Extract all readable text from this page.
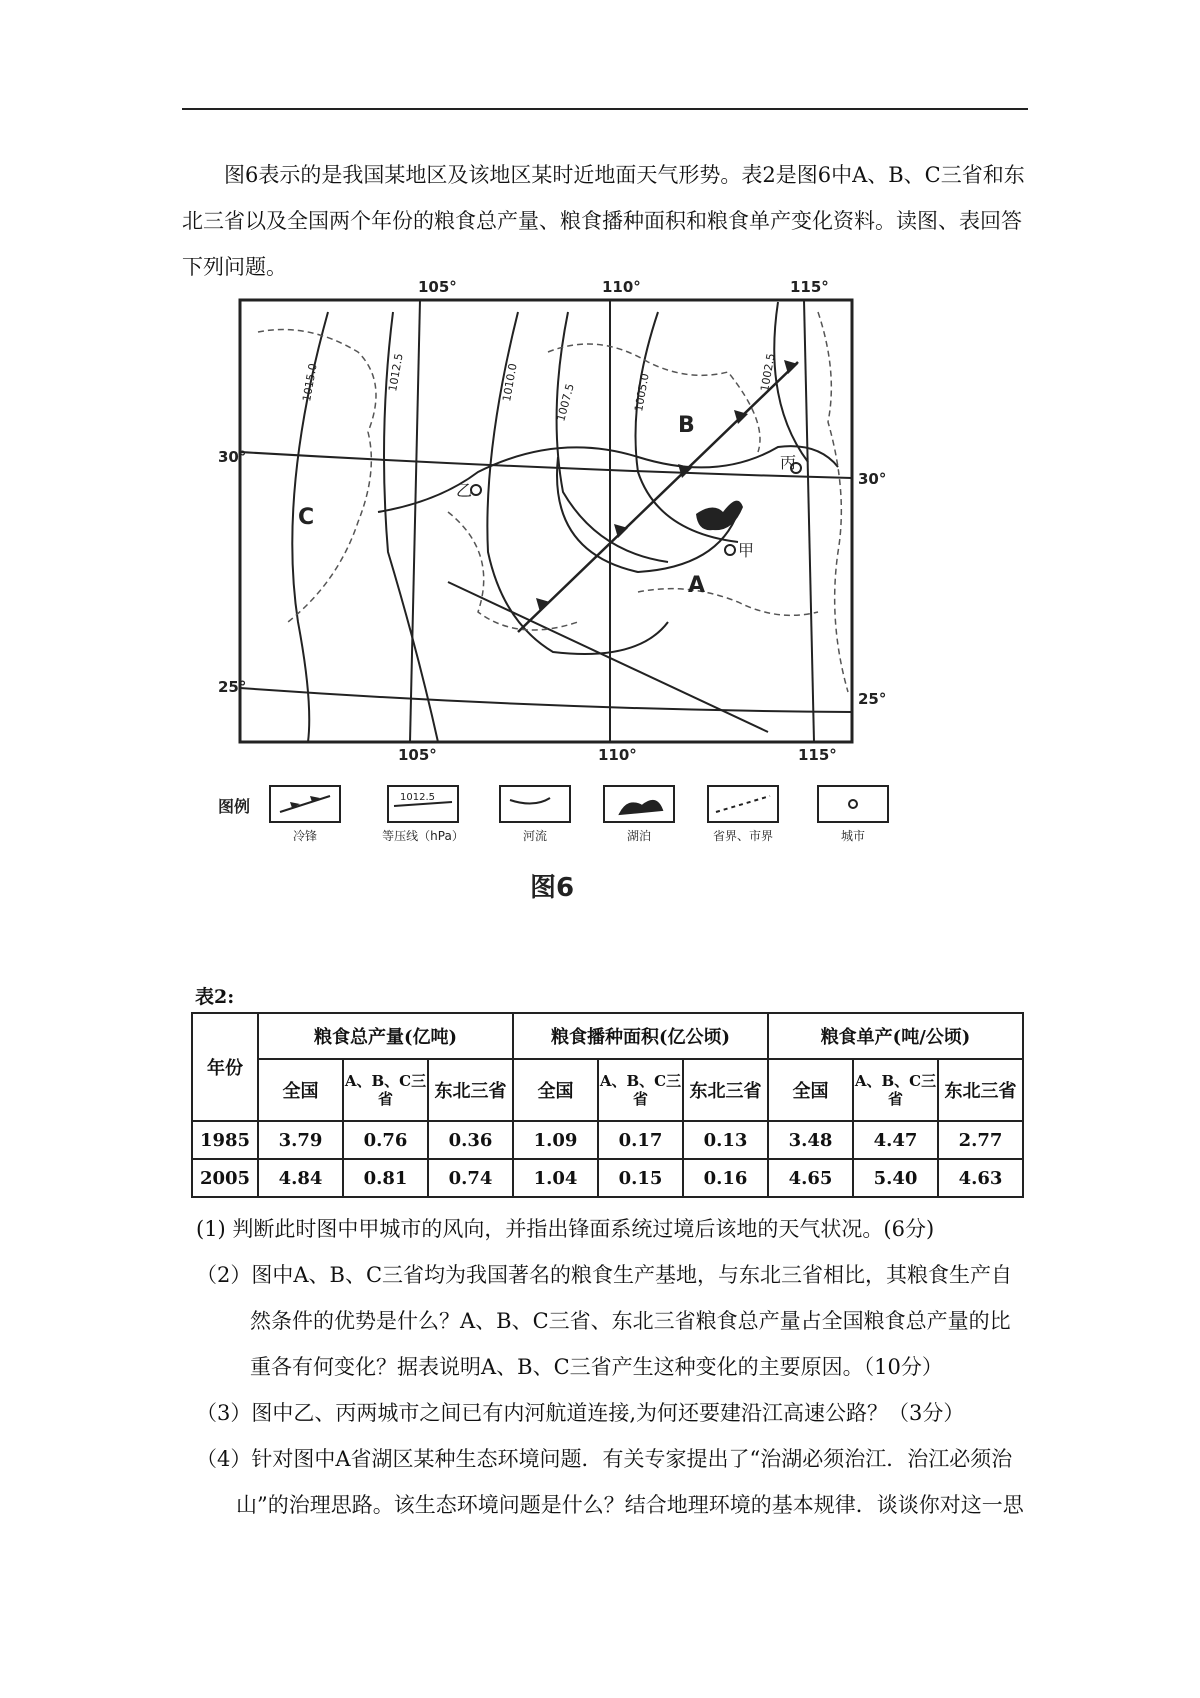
图6表示的是我国某地区及该地区某时近地面天气形势。表2是图6中A、B、C三省和东北三省以及全国两个年份的粮食总产量、粮食播种面积和粮食单产变化资料。读图、表回答下列问题。

105°	110°	115°
105°	110°	115°
30°
30°
25°
25°
1015.0	1012.5	1010.0	1007.5	1005.0	1002.5
A
B
C
甲
乙
丙
图例	1012.5
冷锋	等压线（hPa）	河流	湖泊	省界、市界	城市
图6
表2:
年份	粮食总产量(亿吨)			粮食播种面积(亿公顷)			粮食单产(吨/公顷)		
	全国	A、B、C三省	东北三省	全国	A、B、C三省	东北三省	全国	A、B、C三省	东北三省
1985	3.79	0.76	0.36	1.09	0.17	0.13	3.48	4.47	2.77
2005	4.84	0.81	0.74	1.04	0.15	0.16	4.65	5.40	4.63

(1) 判断此时图中甲城市的风向，并指出锋面系统过境后该地的天气状况。(6分)

（2）图中A、B、C三省均为我国著名的粮食生产基地，与东北三省相比，其粮食生产自
然条件的优势是什么？A、B、C三省、东北三省粮食总产量占全国粮食总产量的比重各有何变化？据表说明A、B、C三省产生这种变化的主要原因。（10分）

（3）图中乙、丙两城市之间已有内河航道连接,为何还要建沿江高速公路？（3分）

（4）针对图中A省湖区某种生态环境问题．有关专家提出了“治湖必须治江．治江必须治
山”的治理思路。该生态环境问题是什么？结合地理环境的基本规律．谈谈你对这一思
